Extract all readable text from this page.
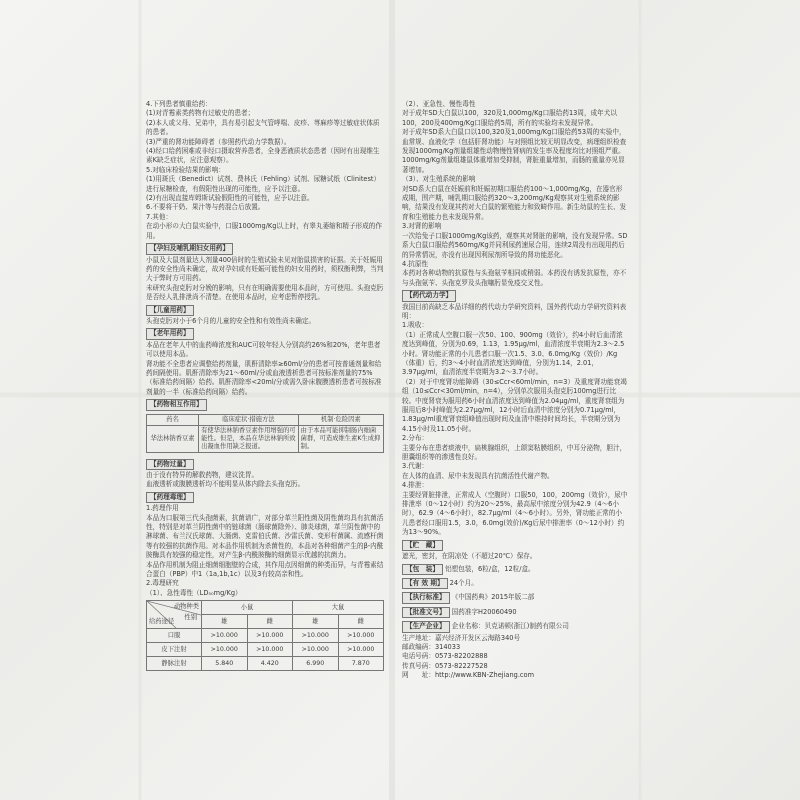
4.下列患者慎重给药：

(1)对青霉素类药物有过敏史的患者；

(2)本人或父母、兄弟中，具有易引起支气管哮喘、皮疹、荨麻疹等过敏症状体质的患者。

(3)严重的肾功能障碍者（参照药代动力学数据）。

(4)经口给药困难或非经口摄取营养患者，全身恶液质状态患者（因时有出现维生素K缺乏症状，应注意观察）。

5.对临床检验结果的影响：

(1)用斑氏（Benedict）试剂、费林氏（Fehling）试剂、尿糖试纸（Clinitest）进行尿糖检查，有假阳性出现的可能性，应予以注意。

(2)有出现直接库姆斯试验假阳性的可能性，应予以注意。

6.不要将干奶、果汁等与药混合后放置。

7.其他：

在动小形の大白鼠实验中，口服1000mg/Kg以上时，有睾丸萎缩和精子形成的作用。

【孕妇及哺乳期妇女用药】

小鼠及大鼠剂量达人剂量400倍时的生殖试验未见对胎鼠损害的证据。关于妊娠用药的安全性尚未确定，故对孕妇或有妊娠可能性的妇女用药时，须权衡利弊，当判大于弊时方可用药。

未研究头孢克肟对分娩的影响，只有在明确需要使用本品时，方可使用。头孢克肟是否经人乳排泄尚不清楚。在使用本品时，应考虑暂停授乳。

【儿童用药】

头孢克肟对小于6个月的儿童的安全性和有效性尚未确定。

【老年用药】

本品在老年人中的血药峰浓度和AUC可较年轻人分别高约26%和20%，老年患者可以使用本品。

肾功能不全患者应调整给药剂量，肌酐清除率≥60ml/分的患者可按普通剂量和给药间隔使用。肌酐清除率为21～60ml/分或血液透析患者可按标准剂量的75%（标准给药间隔）给药。肌酐清除率<20ml/分或需久卧床腹膜透析患者可按标准剂量的一半（标准给药间隔）给药。

【药物相互作用】
药名	临床症状·措施方法	机制·危险因素
华法林钠香豆素	有使华法林钠香豆素作用增强的可能性。但是，本品在华法林钠所致出凝血作用缺乏报道。	由于本品可能抑制肠内细菌菌群，可造成维生素K生成抑制。
【药物过量】

由于没有特异的解救药物，建议洗胃。

血液透析或腹膜透析均不能明显从体内除去头孢克肟。

【药理毒理】

1.药理作用

本品为口服第三代头孢菌素，抗菌谱广，对部分革兰阳性菌及阴性菌均具有抗菌活性，特别是对革兰阴性菌中的链球菌（肠球菌除外）、肺炎球菌，革兰阴性菌中的淋球菌、布兰汉氏球菌、大肠菌、克雷伯氏菌、沙雷氏菌、变形杆菌属、流感杆菌等有较强的抗菌作用。对本品作用机制为杀菌性的，本品对各种细菌产生的β-内酰胺酶具有较强的稳定性，对产生β-内酰胺酶的细菌显示优越的抗菌力。

本品作用机制为阻止细菌细胞壁的合成，其作用点因细菌的种类而异，与青霉素结合蛋白（PBP）中1（1a,1b,1c）以及3有较高亲和性。

2.毒理研究

（1）、急性毒性（LD₅₀mg/Kg）

动物种类
性别
给药途径	小鼠		大鼠	
	雄	雌	雄	雌
口服	>10.000	>10.000	>10.000	>10.000
皮下注射	>10.000	>10.000	>10.000	>10.000
静脉注射	5.840	4.420	6.990	7.870

（2）、亚急性、慢性毒性

对于成年SD大白鼠以100，320及1,000mg/Kg口服给药13周，成年犬以100，200及400mg/Kg口服给药5周，所有的实验均未发现异常。

对于成年SD系大白鼠口以100,320及1,000mg/Kg口服给药53周的实验中，血常规、血液化学（包括肝肾功能）与对照组比较无明显改变，病理组织检查发现1000mg/Kg剂量组雄性动物慢性肾病的发生率及程度均比对照组严重。1000mg/Kg剂量组雄鼠体重增加受抑制，肾脏重量增加，而肠的重量亦见显著增加。

（3）、对生殖系统的影响

对SD系大白鼠在妊娠前和妊娠初期口服给药100～1,000mg/Kg，在器官形成期，围产期，哺乳期口服给药320～3,200mg/Kg观察其对生殖系统的影响，结果没有发现其药对大白鼠的繁殖能力和致畸作用。新生幼鼠的生长、发育和生殖能力也未发现异常。

3.对肾的影响

一次给兔子口服1000mg/Kg该药，观察其对肾脏的影响，没有发现异常。SD系大白鼠口服给药560mg/Kg并同利尿药速尿合用，连续2周没有出现用药后的异常情况，亦没有出现因利尿剂所导致的肾功能恶化。

4.抗原性

本药对各种动物的抗原性与头孢氨苄相同或稍弱。本药没有诱发抗原性，亦不与头孢氨苄、头孢克罗及头孢噻肟显免疫交叉性。

【药代动力学】

我国目前尚缺乏本品详细的药代动力学研究资料，国外药代动力学研究资料表明：

1.吸收：

（1）正常成人空腹口服一次50、100、900mg（效价），约4小时后血清浓度达到峰值，分别为0.69，1.13，1.95μg/ml，血清浓度半衰期为2.3～2.5小时。肾功能正常的小儿患者口服一次1.5、3.0、6.0mg/Kg（效价）/Kg（体重）后，约3～4小时血清浓度达到峰值，分别为1.14，2.01，3.97μg/ml，血清浓度半衰期为3.2～3.7小时。

（2）对于中度肾功能障碍（30≤Ccr<60ml/min，n=3）及重度肾功能衰竭组（10≤Ccr<30ml/min，n=4），分别单次服用头孢克肟100mg进行比较。中度肾衰为服用药6小时血清浓度达到峰值为2.04μg/ml，重度肾衰组为服用后8小时峰值为2.27μg/ml，12小时后血清中浓度分别为0.71μg/ml，1.83μg/ml重度肾衰组峰值出现时间及血清中维持时间均长，半衰期分别为4.15小时及11.05小时。

2.分布：

主要分布在患者痰液中，扁桃腺组织，上颌窦粘膜组织，中耳分泌物，胆汁，胆囊组织等的渗透性良好。

3.代谢：

在人体的血清、尿中未发现具有抗菌活性代谢产物。

4.排泄：

主要经肾脏排泄，正常成人（空腹时）口服50，100，200mg（效价），尿中排泄率（0～12小时）约为20～25%，最高尿中浓度分别为42.9（4～6小时），62.9（4～6小时），82.7μg/ml（4～6小时）。另外，肾功能正常的小儿患者经口服用1.5，3.0，6.0mg(效价)/Kg后尿中排泄率（0～12小时）约为13～90%。

【贮　藏】

遮光，密封，在阴凉处（不超过20℃）保存。

【包　装】 铝塑包装，6粒/盒，12粒/盒。
【有 效 期】 24个月。
【执行标准】 《中国药典》2015年版二部
【批准文号】 国药准字H20060490
【生产企业】 企业名称：贝克诺顿(浙江)制药有限公司

生产地址：嘉兴经济开发区云海路340号

邮政编码：314033

电话号码：0573-82202888

传真号码：0573-82227528

网　　址：http://www.KBN-Zhejiang.com
